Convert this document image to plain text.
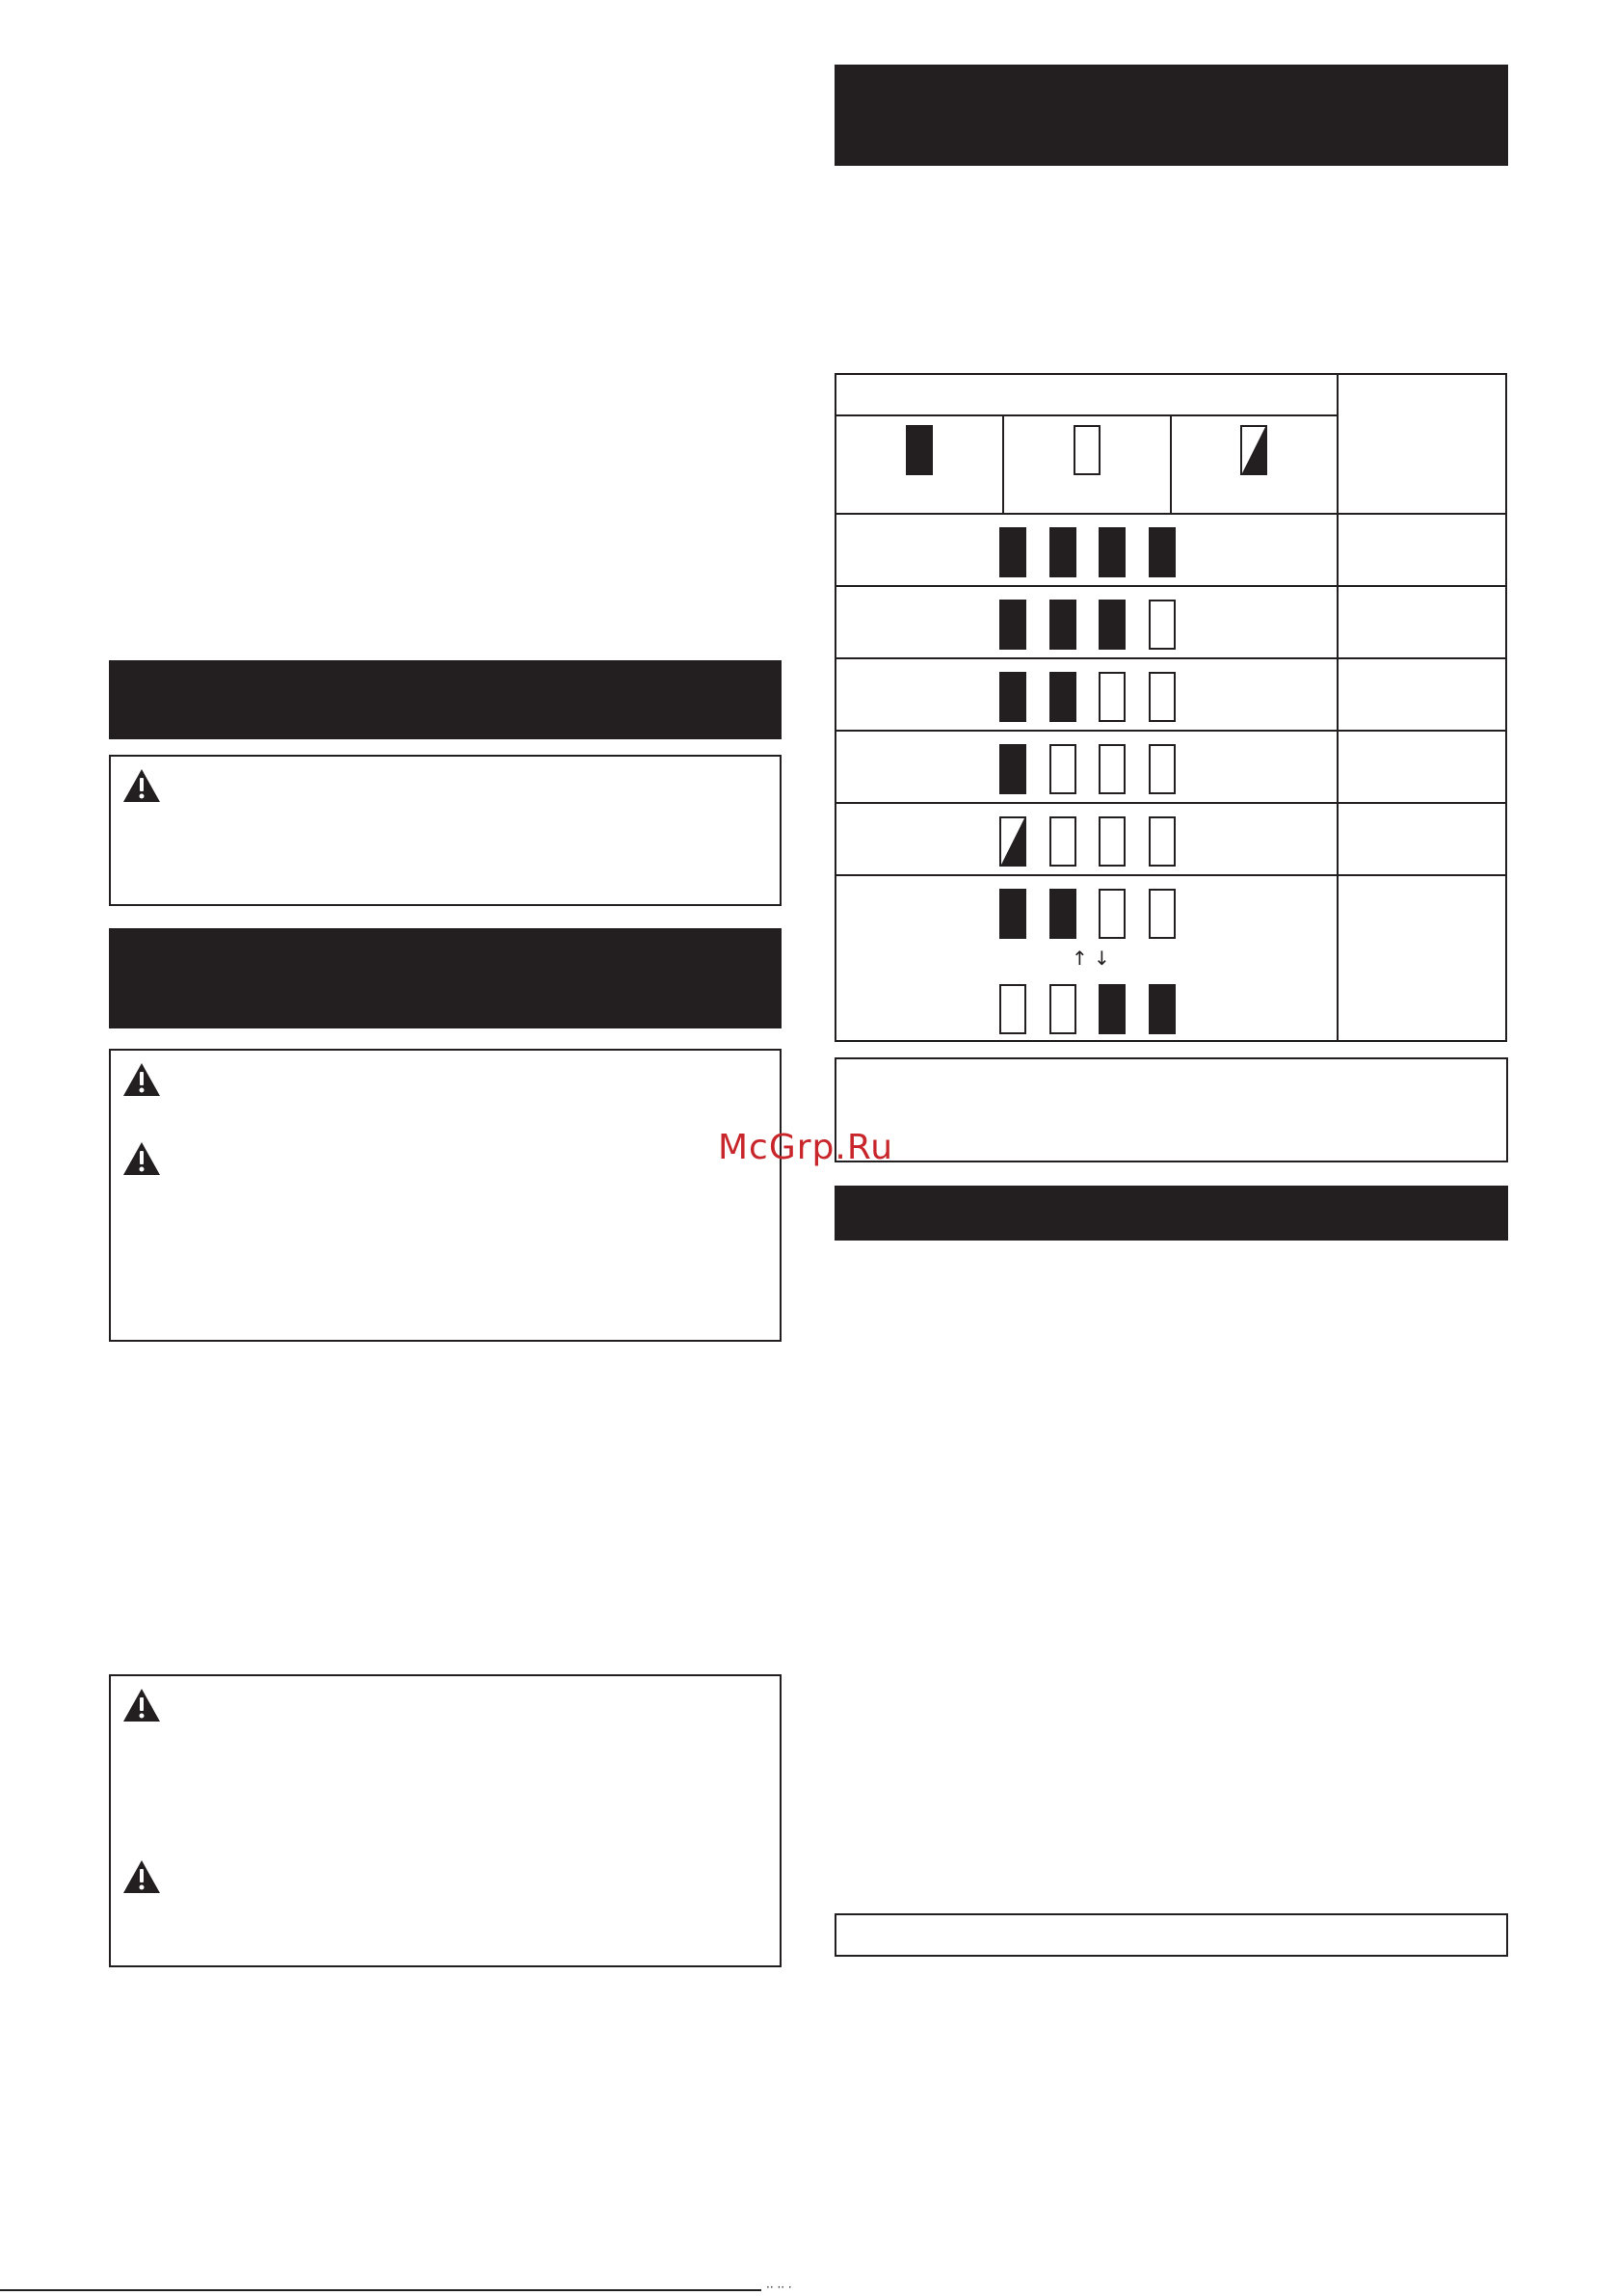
↑ ↓
McGrp.Ru
·· ·· ·
